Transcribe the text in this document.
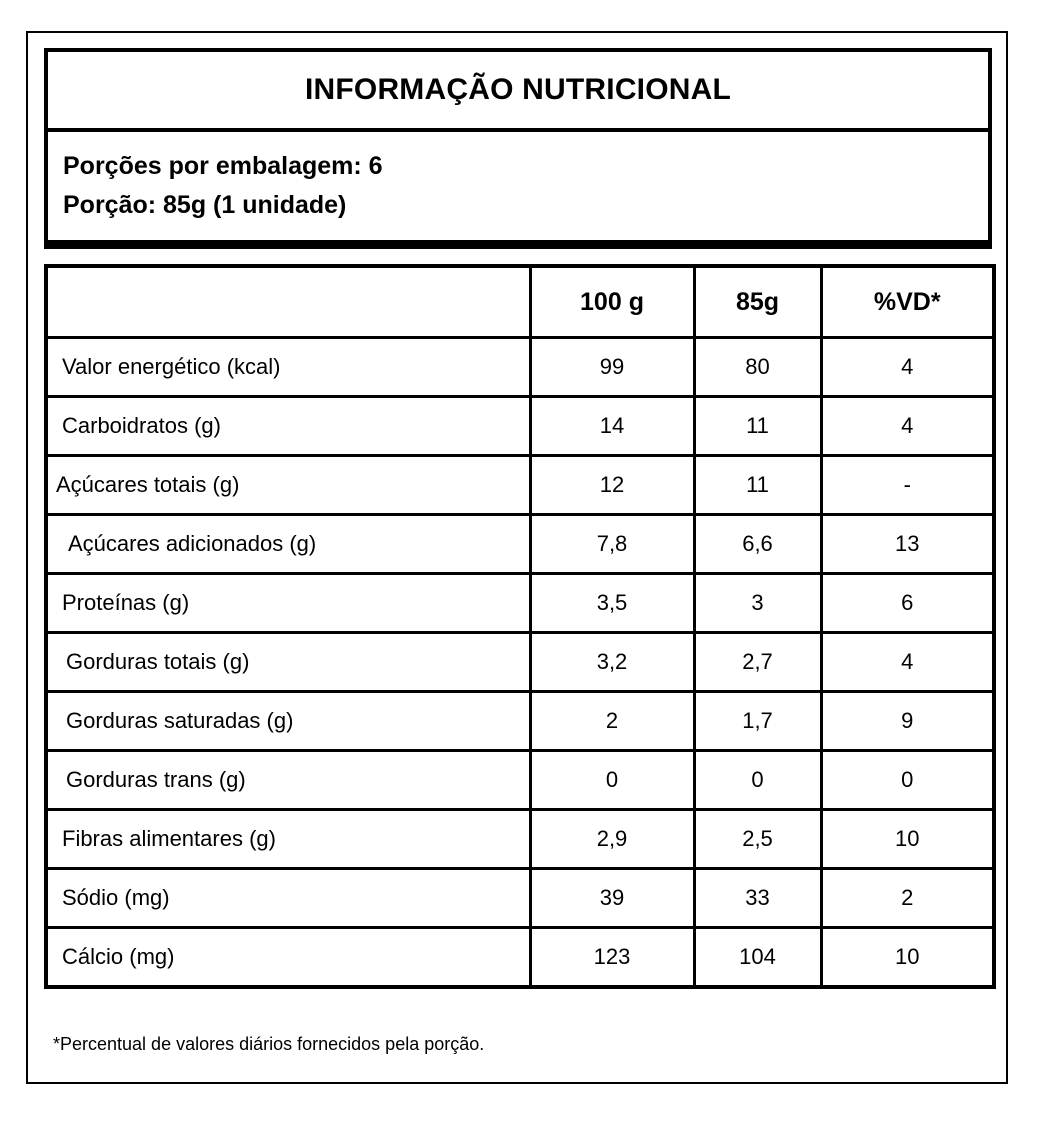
INFORMAÇÃO NUTRICIONAL
Porções por embalagem: 6
Porção: 85g (1 unidade)
	100 g	85g	%VD*
Valor energético (kcal)	99	80	4
Carboidratos (g)	14	11	4
Açúcares totais (g)	12	11	-
Açúcares adicionados (g)	7,8	6,6	13
Proteínas (g)	3,5	3	6
Gorduras totais (g)	3,2	2,7	4
Gorduras saturadas (g)	2	1,7	9
Gorduras trans (g)	0	0	0
Fibras alimentares (g)	2,9	2,5	10
Sódio (mg)	39	33	2
Cálcio (mg)	123	104	10
*Percentual de valores diários fornecidos pela porção.
